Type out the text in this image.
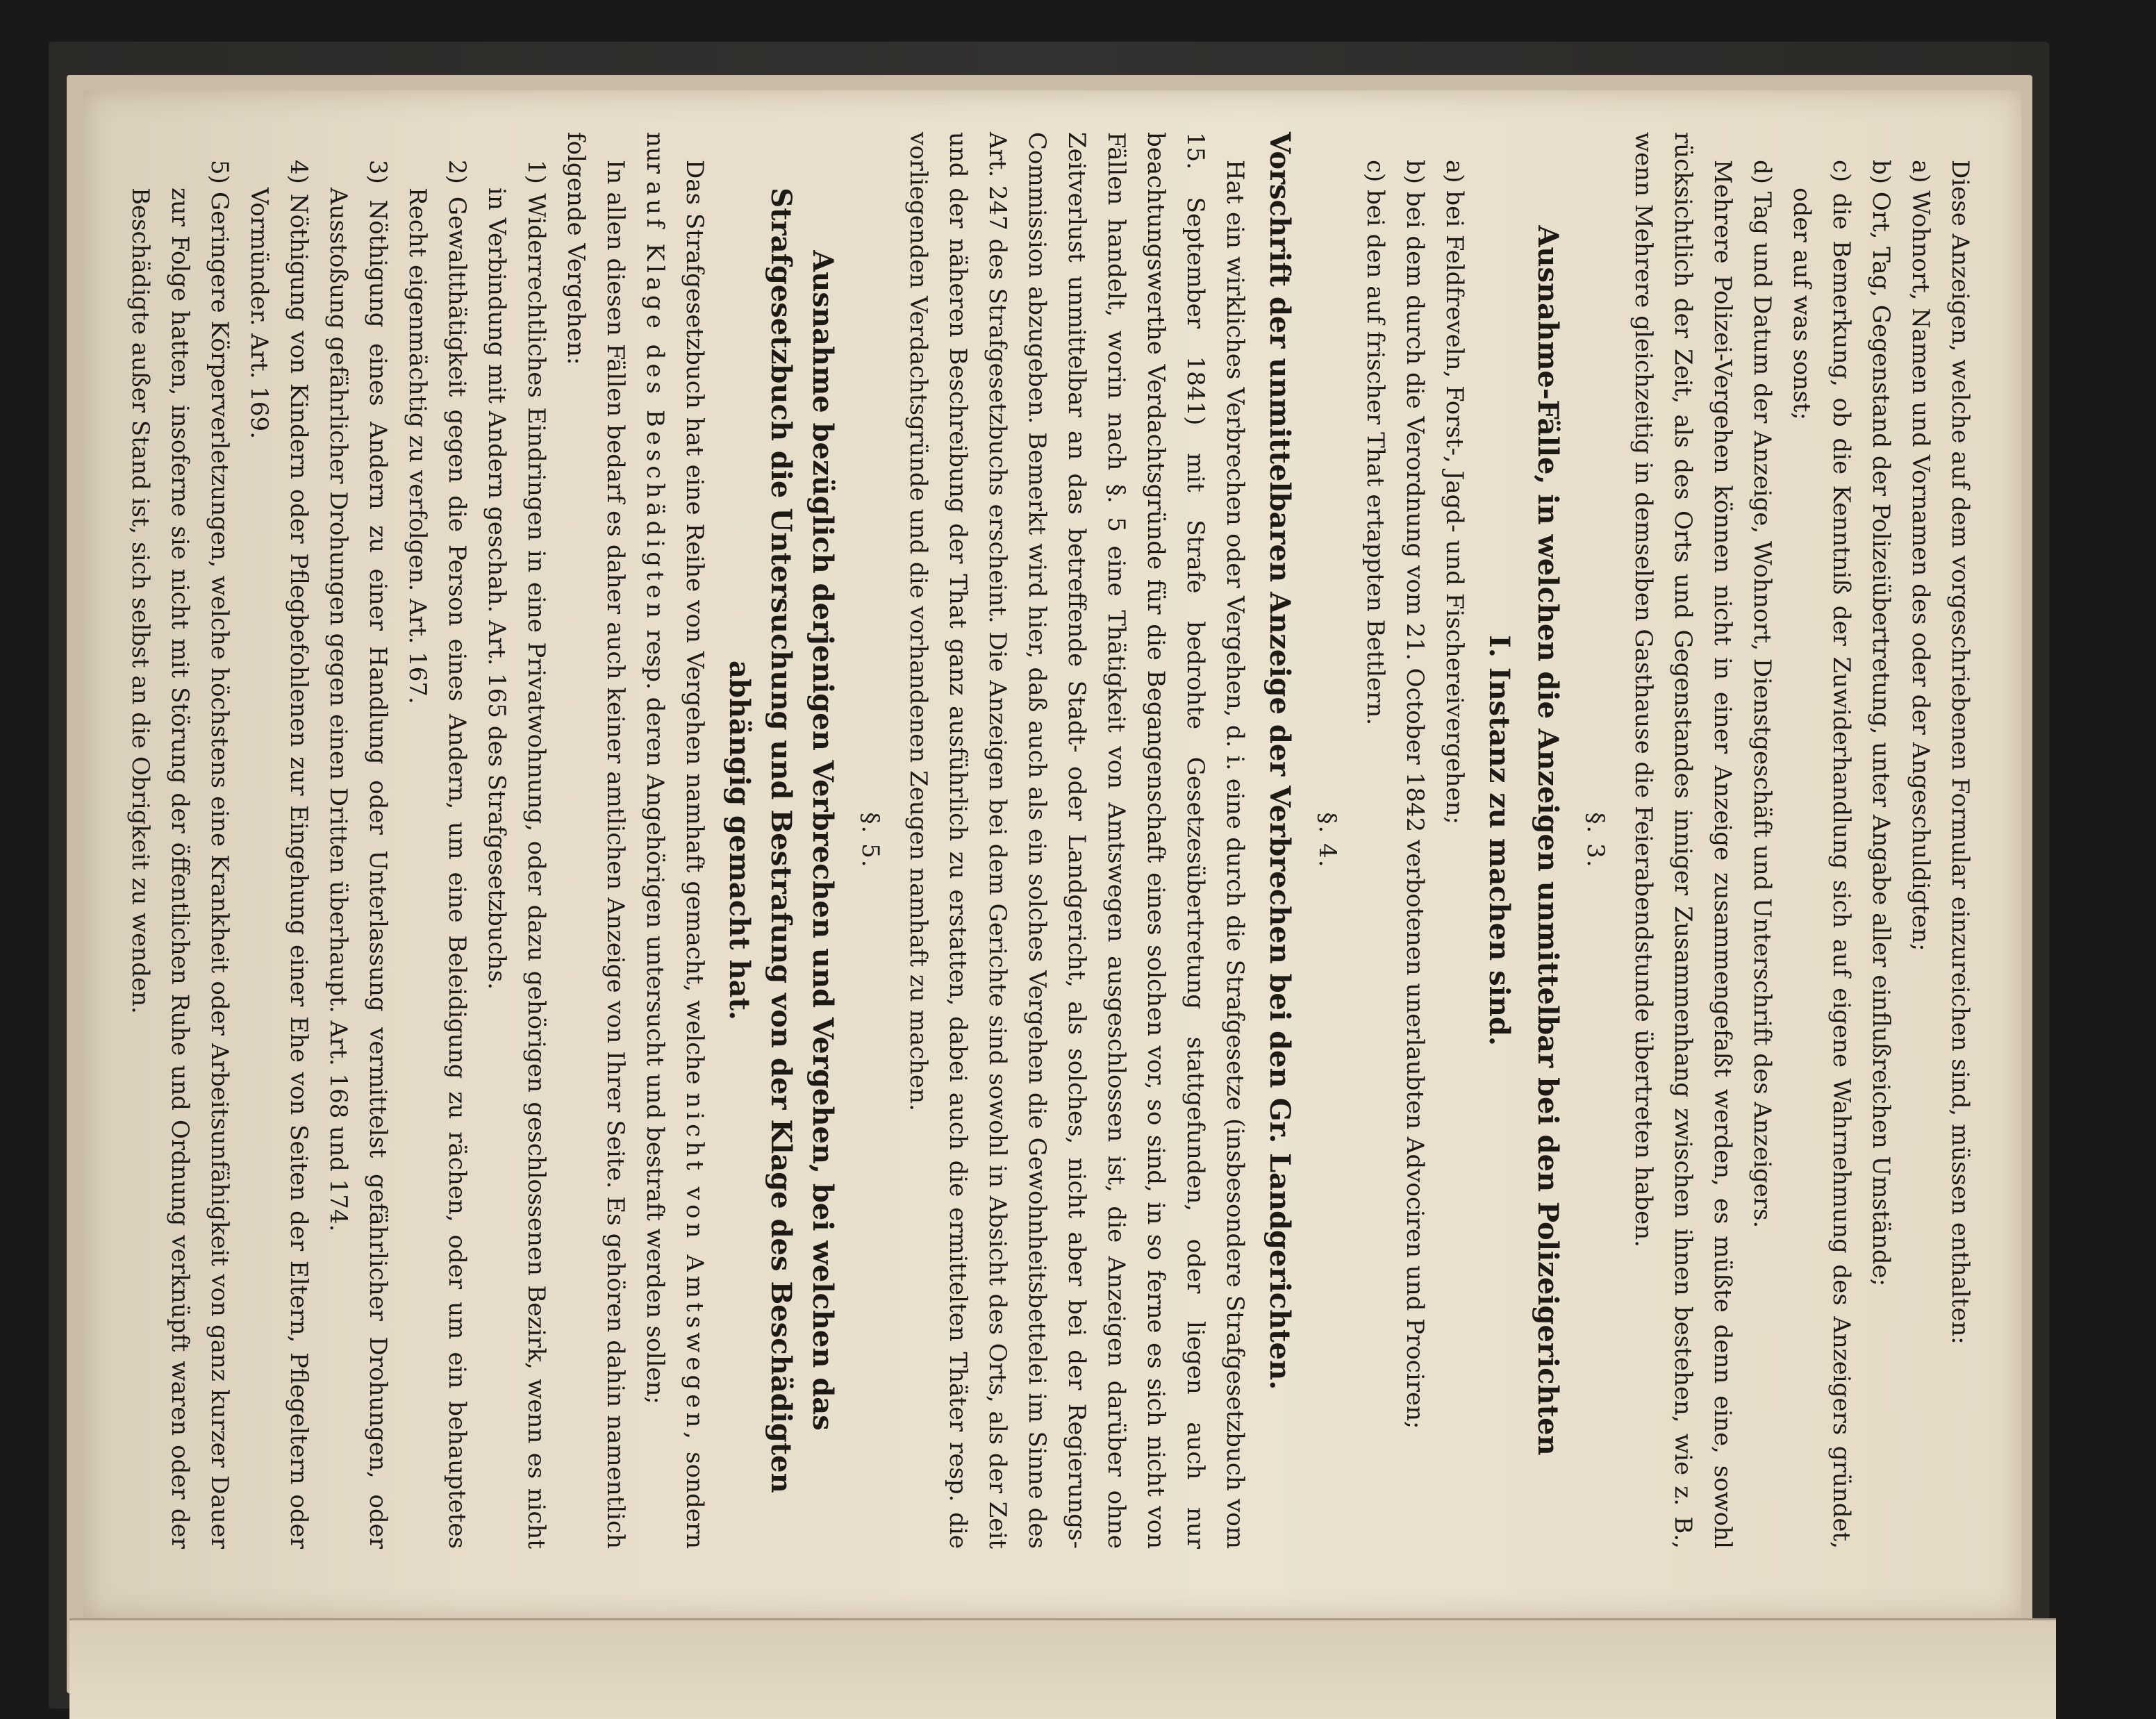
Diese Anzeigen, welche auf dem vorgeschriebenen Formular einzureichen sind, müssen enthalten:

a) Wohnort, Namen und Vornamen des oder der Angeschuldigten;

b) Ort, Tag, Gegenstand der Polizeiübertretung, unter Angabe aller einflußreichen Umstände;

c) die Bemerkung, ob die Kenntniß der Zuwiderhandlung sich auf eigene Wahrnehmung des Anzeigers gründet, oder auf was sonst;

d) Tag und Datum der Anzeige, Wohnort, Dienstgeschäft und Unterschrift des Anzeigers.

Mehrere Polizei-Vergehen können nicht in einer Anzeige zusammengefaßt werden, es müßte denn eine, sowohl rücksichtlich der Zeit, als des Orts und Gegenstandes inniger Zusammenhang zwischen ihnen bestehen, wie z. B., wenn Mehrere gleichzeitig in demselben Gasthause die Feierabendstunde übertreten haben.

§. 3.
Ausnahme-Fälle, in welchen die Anzeigen unmittelbar bei den Polizeigerichten
I. Instanz zu machen sind.

a) bei Feldfreveln, Forst-, Jagd- und Fischereivergehen;

b) bei dem durch die Verordnung vom 21. October 1842 verbotenen unerlaubten Advociren und Prociren;

c) bei den auf frischer That ertappten Bettlern.

§. 4.
Vorschrift der unmittelbaren Anzeige der Verbrechen bei den Gr. Landgerichten.

Hat ein wirkliches Verbrechen oder Vergehen, d. i. eine durch die Strafgesetze (insbesondere Strafgesetzbuch vom 15. September 1841) mit Strafe bedrohte Gesetzesübertretung stattgefunden, oder liegen auch nur beachtungswerthe Verdachtsgründe für die Begangenschaft eines solchen vor, so sind, in so ferne es sich nicht von Fällen handelt, worin nach §. 5 eine Thätigkeit von Amtswegen ausgeschlossen ist, die Anzeigen darüber ohne Zeitverlust unmittelbar an das betreffende Stadt- oder Landgericht, als solches, nicht aber bei der Regierungs-Commission abzugeben. Bemerkt wird hier, daß auch als ein solches Vergehen die Gewohnheitsbettelei im Sinne des Art. 247 des Strafgesetzbuchs erscheint. Die Anzeigen bei dem Gerichte sind sowohl in Absicht des Orts, als der Zeit und der näheren Beschreibung der That ganz ausführlich zu erstatten, dabei auch die ermittelten Thäter resp. die vorliegenden Verdachtsgründe und die vorhandenen Zeugen namhaft zu machen.

§. 5.
Ausnahme bezüglich derjenigen Verbrechen und Vergehen, bei welchen das Strafgesetzbuch die Untersuchung und Bestrafung von der Klage des Beschädigten abhängig gemacht hat.

Das Strafgesetzbuch hat eine Reihe von Vergehen namhaft gemacht, welche nicht von Amtswegen, sondern nur auf Klage des Beschädigten resp. deren Angehörigen untersucht und bestraft werden sollen;

In allen diesen Fällen bedarf es daher auch keiner amtlichen Anzeige von Ihrer Seite. Es gehören dahin namentlich folgende Vergehen:

1) Widerrechtliches Eindringen in eine Privatwohnung, oder dazu gehörigen geschlossenen Bezirk, wenn es nicht in Verbindung mit Andern geschah. Art. 165 des Strafgesetzbuchs.

2) Gewaltthätigkeit gegen die Person eines Andern, um eine Beleidigung zu rächen, oder um ein behauptetes Recht eigenmächtig zu verfolgen. Art. 167.

3) Nöthigung eines Andern zu einer Handlung oder Unterlassung vermittelst gefährlicher Drohungen, oder Ausstoßung gefährlicher Drohungen gegen einen Dritten überhaupt. Art. 168 und 174.

4) Nöthigung von Kindern oder Pflegbefohlenen zur Eingehung einer Ehe von Seiten der Eltern, Pflegeltern oder Vormünder. Art. 169.

5) Geringere Körperverletzungen, welche höchstens eine Krankheit oder Arbeitsunfähigkeit von ganz kurzer Dauer zur Folge hatten, insoferne sie nicht mit Störung der öffentlichen Ruhe und Ordnung verknüpft waren oder der Beschädigte außer Stand ist, sich selbst an die Obrigkeit zu wenden.
